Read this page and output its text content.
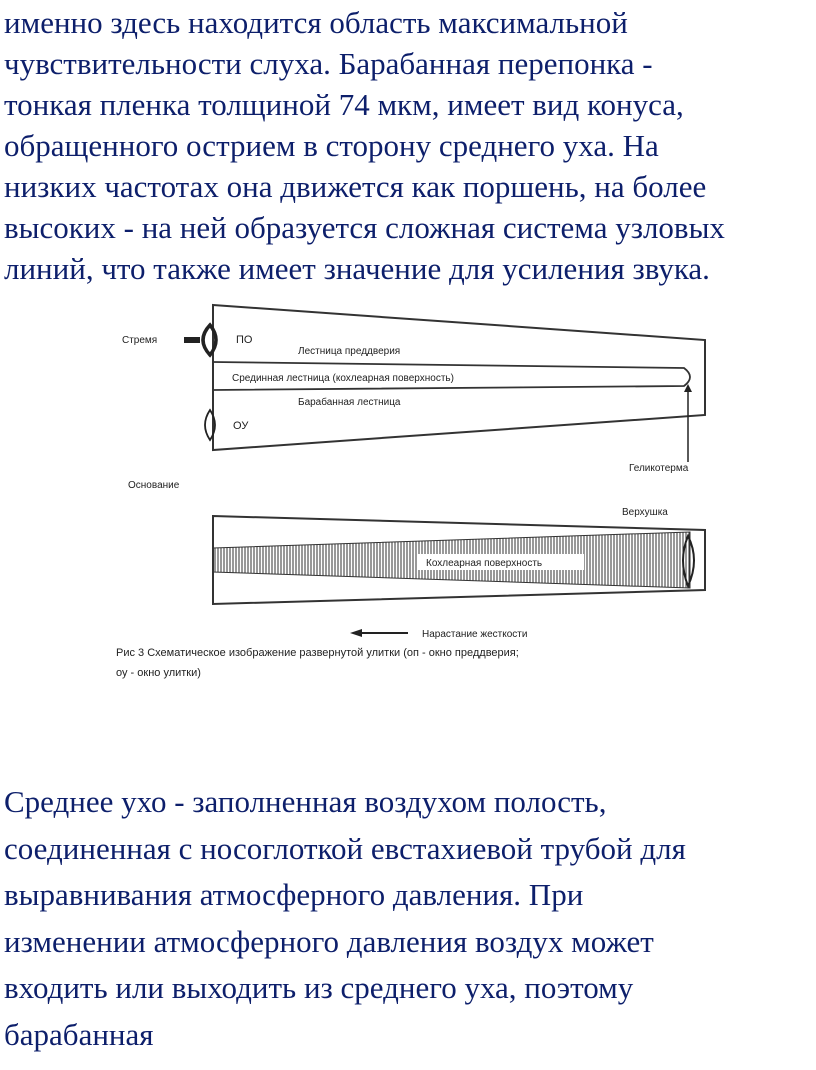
именно здесь находится область максимальной
чувствительности слуха. Барабанная перепонка -
тонкая пленка толщиной 74 мкм, имеет вид конуса,
обращенного острием в сторону среднего уха. На
низких частотах она движется как поршень, на более
высоких - на ней образуется сложная система узловых
линий, что также имеет значение для усиления звука.

Стремя	ПО
Лестница преддверия
Срединная лестница (кохлеарная поверхность)
Барабанная лестница
ОУ
Геликотерма
Основание
Верхушка
Кохлеарная поверхность
Нарастание жесткости
Рис 3 Схематическое изображение развернутой улитки (оп - окно преддверия;
оу - окно улитки)

Среднее ухо - заполненная воздухом полость,
соединенная с носоглоткой евстахиевой трубой для
выравнивания атмосферного давления. При
изменении атмосферного давления воздух может
входить или выходить из среднего уха, поэтому
барабанная
